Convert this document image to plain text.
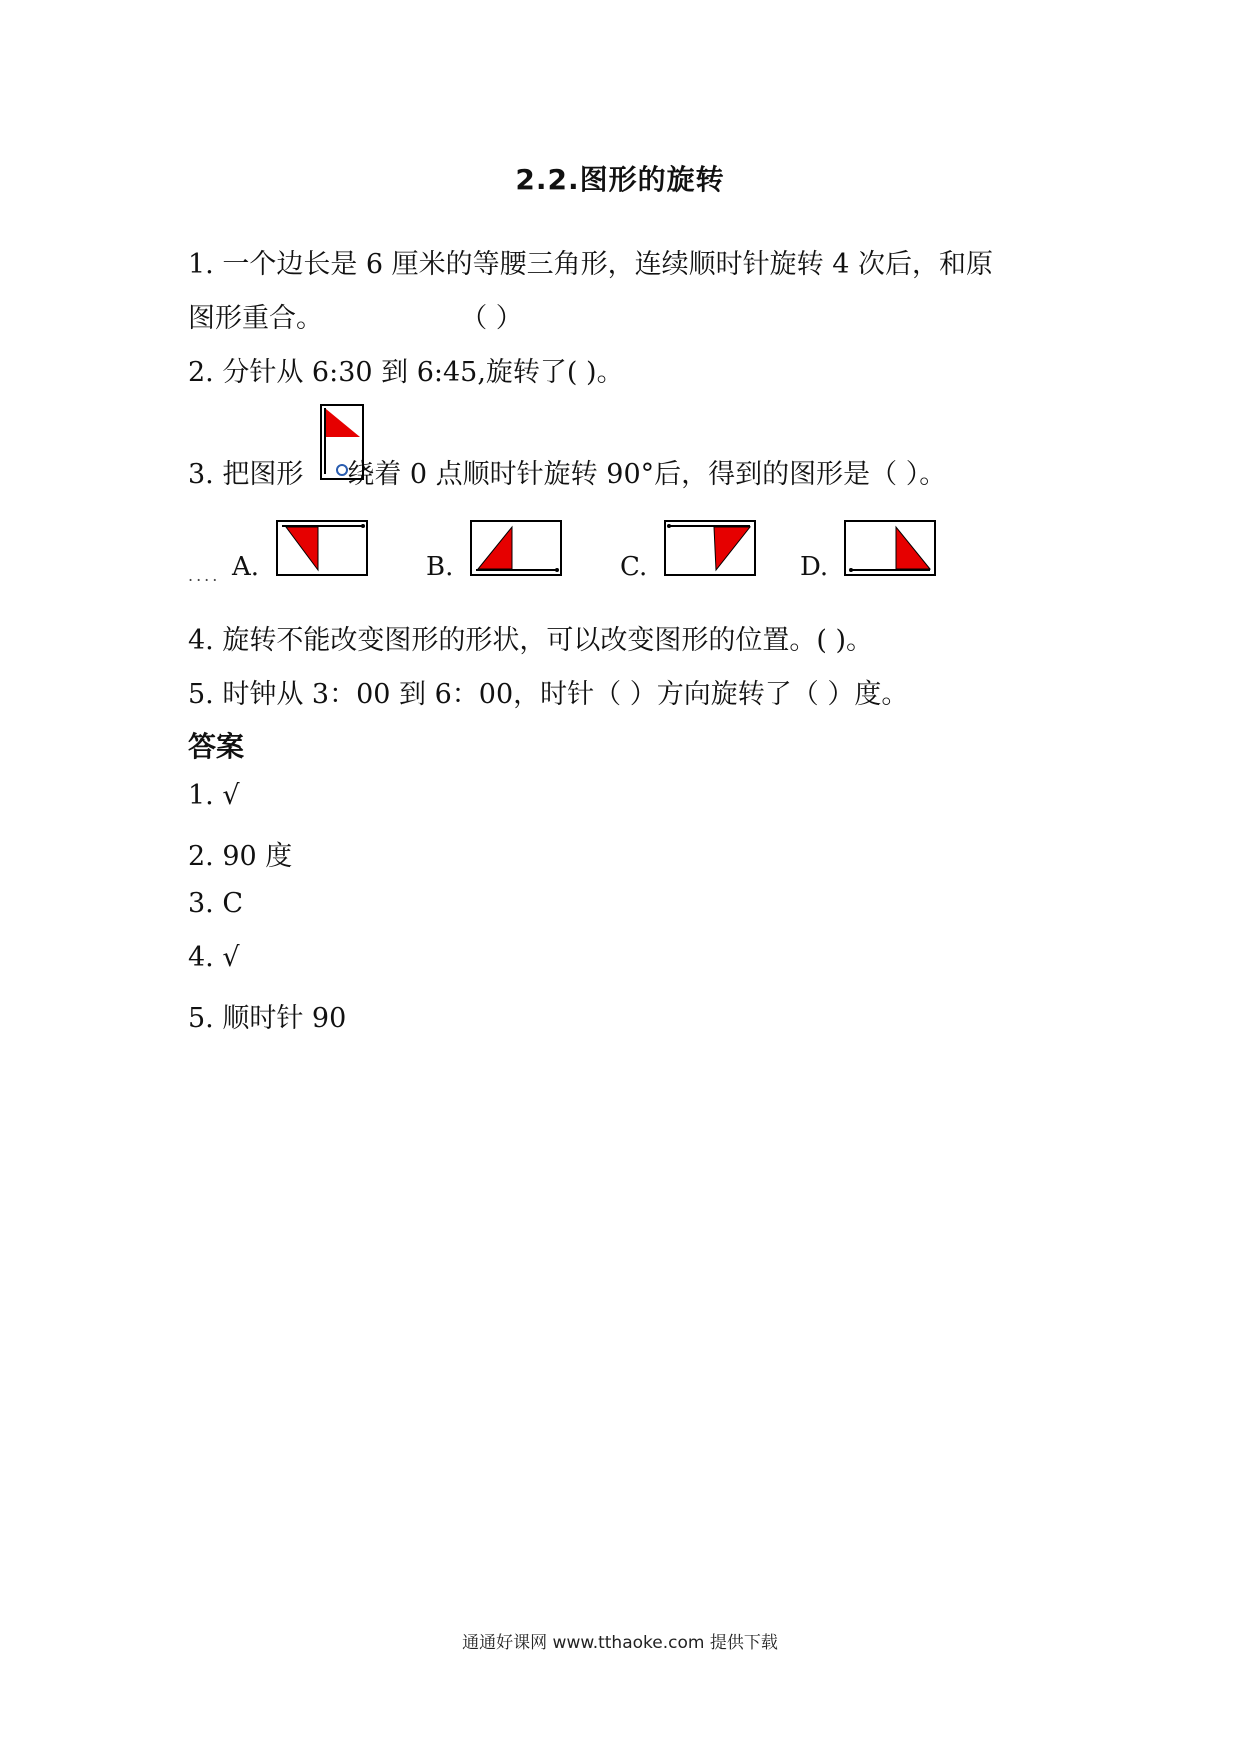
2.2.图形的旋转
1. 一个边长是 6 厘米的等腰三角形，连续顺时针旋转 4 次后，和原
图形重合。	（ ）
2. 分针从 6:30 到 6:45,旋转了( )。
3. 把图形 绕着 0 点顺时针旋转 90°后，得到的图形是（ ）。
.... A.	B.	C.	D.
4. 旋转不能改变图形的形状，可以改变图形的位置。( )。
5. 时钟从 3：00 到 6：00，时针（ ）方向旋转了（ ）度。
答案
1. √
2. 90 度
3. C
4. √
5. 顺时针 90
通通好课网 www.tthaoke.com 提供下载
